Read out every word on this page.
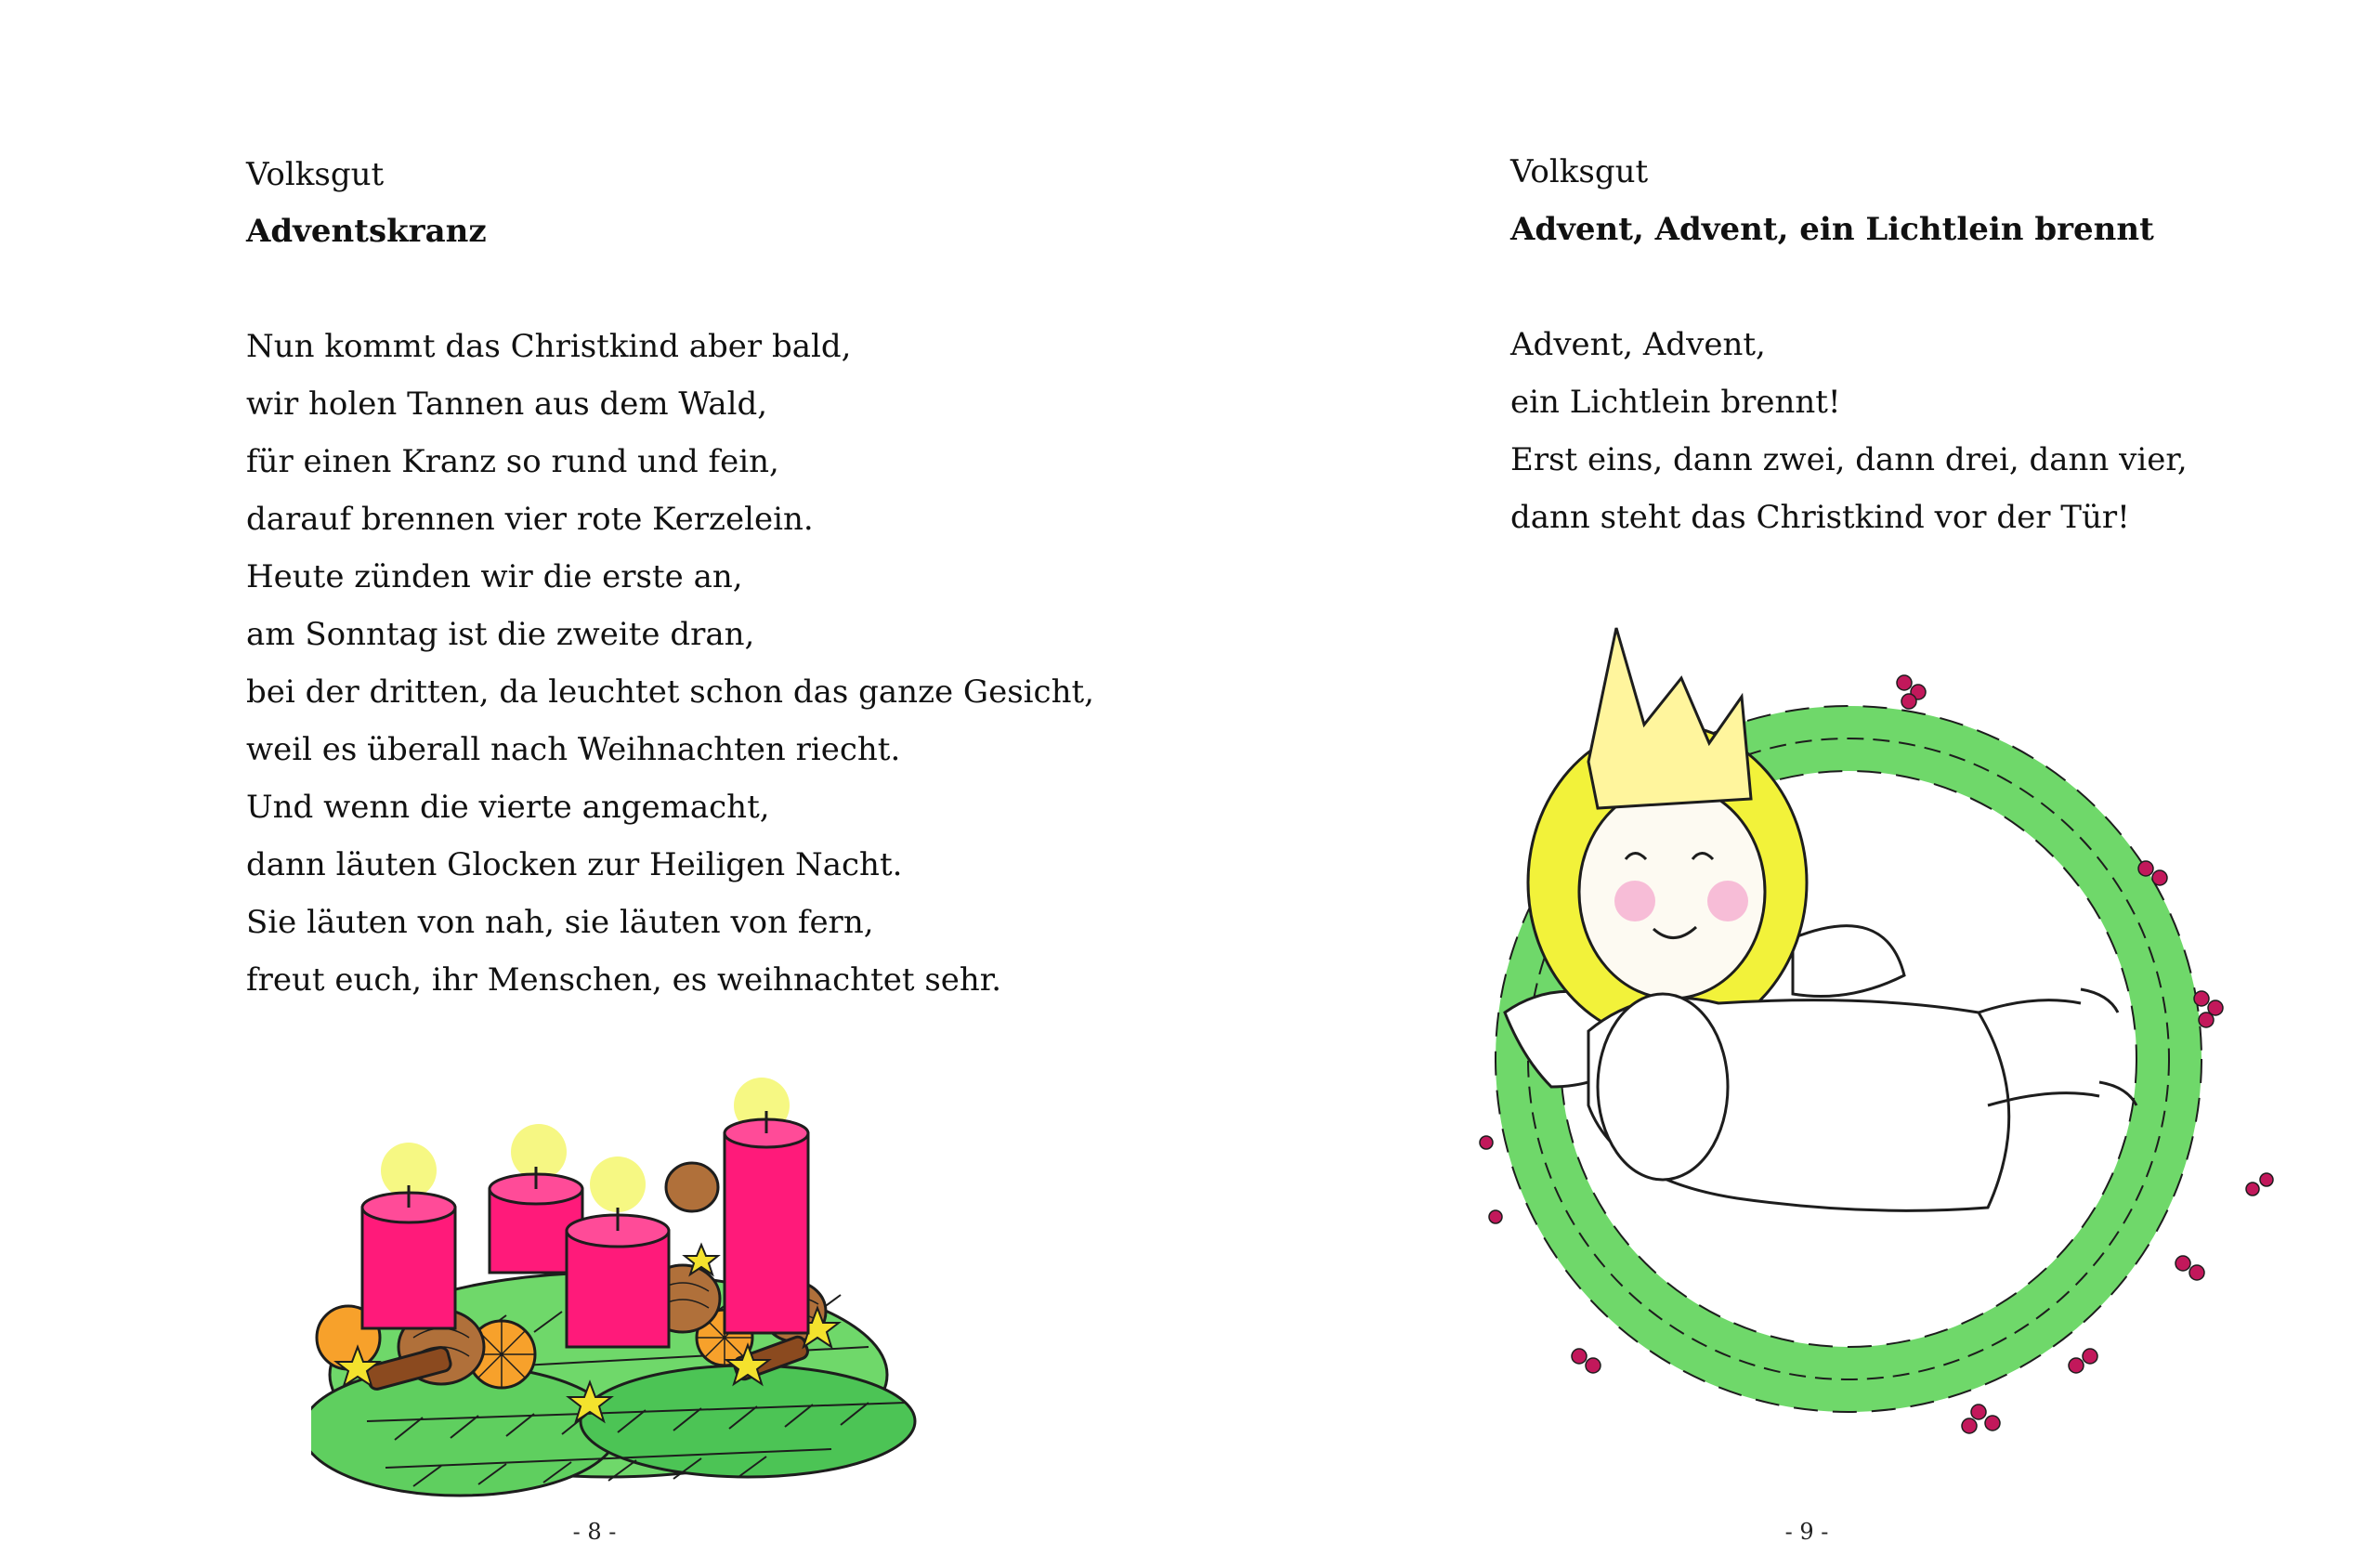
Volksgut
Adventskranz
Nun kommt das Christkind aber bald,
wir holen Tannen aus dem Wald,
für einen Kranz so rund und fein,
darauf brennen vier rote Kerzelein.
Heute zünden wir die erste an,
am Sonntag ist die zweite dran,
bei der dritten, da leuchtet schon das ganze Gesicht,
weil es überall nach Weihnachten riecht.
Und wenn die vierte angemacht,
dann läuten Glocken zur Heiligen Nacht.
Sie läuten von nah, sie läuten von fern,
freut euch, ihr Menschen, es weihnachtet sehr.
- 8 -
Volksgut
Advent, Advent, ein Lichtlein brennt
Advent, Advent,
ein Lichtlein brennt!
Erst eins, dann zwei, dann drei, dann vier,
dann steht das Christkind vor der Tür!
- 9 -
